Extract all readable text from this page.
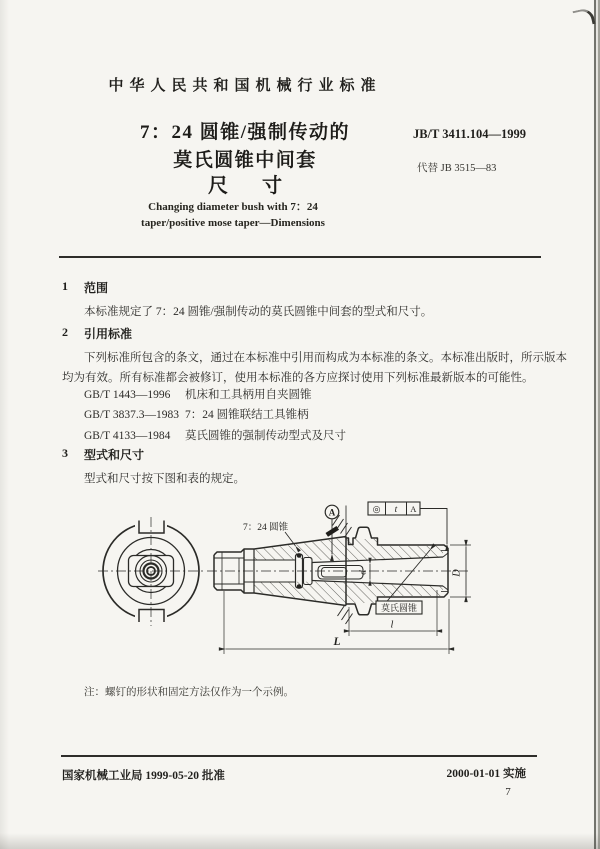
中华人民共和国机械行业标准
7：24 圆锥/强制传动的
莫氏圆锥中间套
尺 寸
JB/T 3411.104—1999
代替 JB 3515—83
Changing diameter bush with 7：24
taper/positive mose taper—Dimensions
1 范围
本标准规定了 7：24 圆锥/强制传动的莫氏圆锥中间套的型式和尺寸。
2 引用标准
下列标准所包含的条文，通过在本标准中引用而构成为本标准的条文。本标准出版时，所示版本
均为有效。所有标准都会被修订，使用本标准的各方应探讨使用下列标准最新版本的可能性。
GB/T 1443—1996	机床和工具柄用自夹圆锥
GB/T 3837.3—1983 7：24 圆锥联结工具锥柄
GB/T 4133—1984	莫氏圆锥的强制传动型式及尺寸
3 型式和尺寸
型式和尺寸按下图和表的规定。
7：24 圆锥
A	◎ t A
莫氏圆锥
D
d
l
L
注：螺钉的形状和固定方法仅作为一个示例。
国家机械工业局 1999-05-20 批准	2000-01-01 实施
7
